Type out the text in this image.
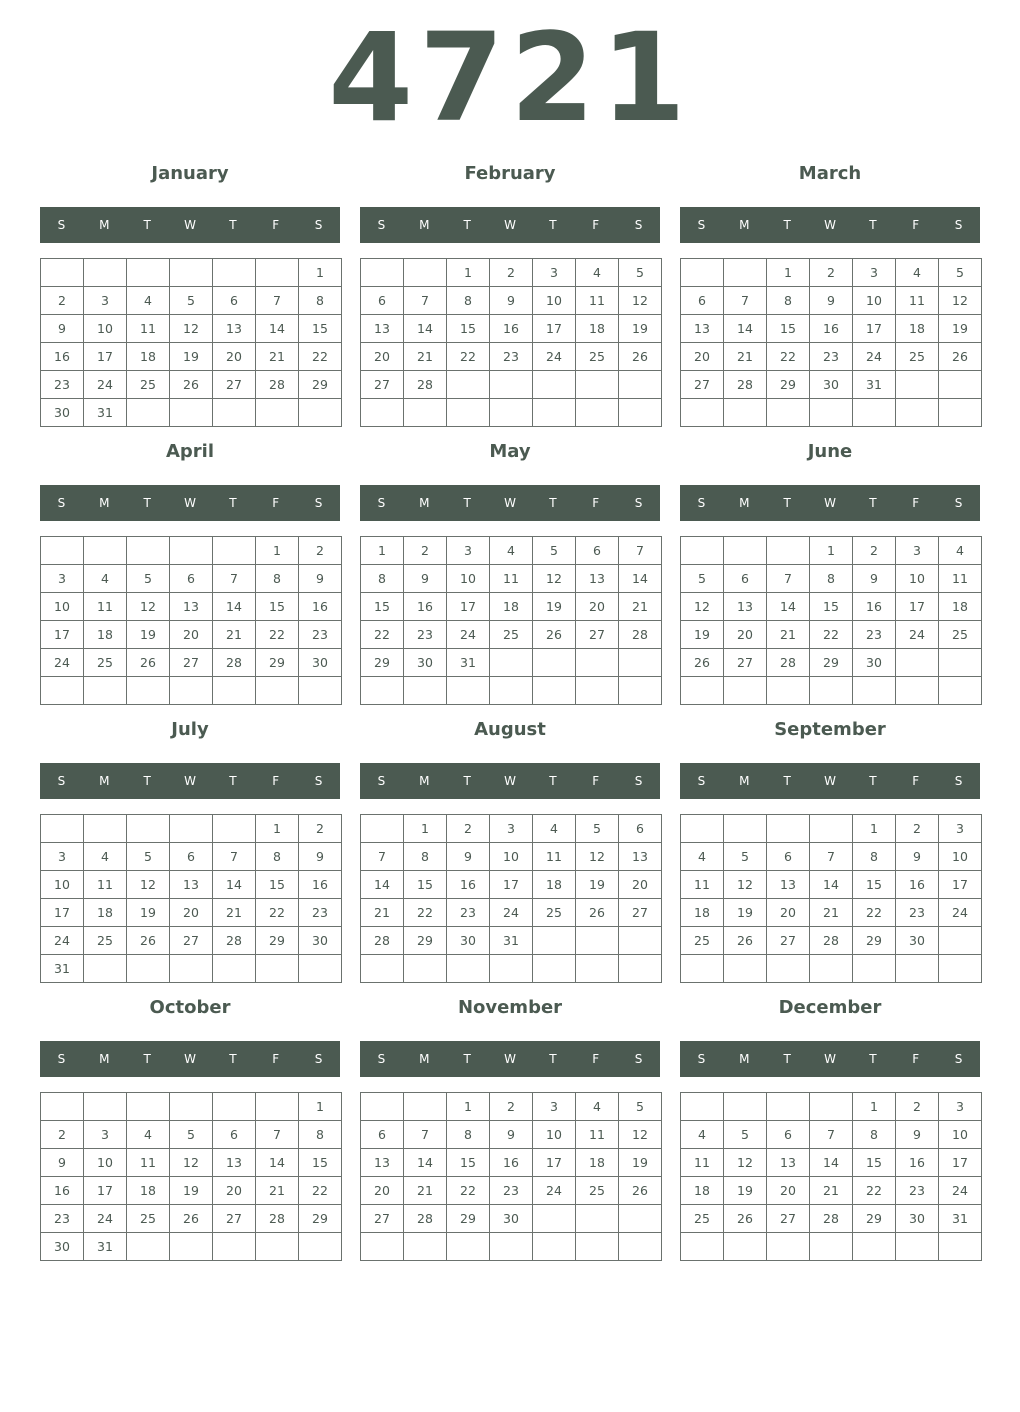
4721
January
S	M	T	W	T	F	S
						1
2	3	4	5	6	7	8
9	10	11	12	13	14	15
16	17	18	19	20	21	22
23	24	25	26	27	28	29
30	31					
February
S	M	T	W	T	F	S
		1	2	3	4	5
6	7	8	9	10	11	12
13	14	15	16	17	18	19
20	21	22	23	24	25	26
27	28					

March
S	M	T	W	T	F	S
		1	2	3	4	5
6	7	8	9	10	11	12
13	14	15	16	17	18	19
20	21	22	23	24	25	26
27	28	29	30	31		

April
S	M	T	W	T	F	S
					1	2
3	4	5	6	7	8	9
10	11	12	13	14	15	16
17	18	19	20	21	22	23
24	25	26	27	28	29	30

May
S	M	T	W	T	F	S
1	2	3	4	5	6	7
8	9	10	11	12	13	14
15	16	17	18	19	20	21
22	23	24	25	26	27	28
29	30	31				

June
S	M	T	W	T	F	S
			1	2	3	4
5	6	7	8	9	10	11
12	13	14	15	16	17	18
19	20	21	22	23	24	25
26	27	28	29	30		

July
S	M	T	W	T	F	S
					1	2
3	4	5	6	7	8	9
10	11	12	13	14	15	16
17	18	19	20	21	22	23
24	25	26	27	28	29	30
31						
August
S	M	T	W	T	F	S
	1	2	3	4	5	6
7	8	9	10	11	12	13
14	15	16	17	18	19	20
21	22	23	24	25	26	27
28	29	30	31			

September
S	M	T	W	T	F	S
				1	2	3
4	5	6	7	8	9	10
11	12	13	14	15	16	17
18	19	20	21	22	23	24
25	26	27	28	29	30	

October
S	M	T	W	T	F	S
						1
2	3	4	5	6	7	8
9	10	11	12	13	14	15
16	17	18	19	20	21	22
23	24	25	26	27	28	29
30	31					
November
S	M	T	W	T	F	S
		1	2	3	4	5
6	7	8	9	10	11	12
13	14	15	16	17	18	19
20	21	22	23	24	25	26
27	28	29	30			

December
S	M	T	W	T	F	S
				1	2	3
4	5	6	7	8	9	10
11	12	13	14	15	16	17
18	19	20	21	22	23	24
25	26	27	28	29	30	31
